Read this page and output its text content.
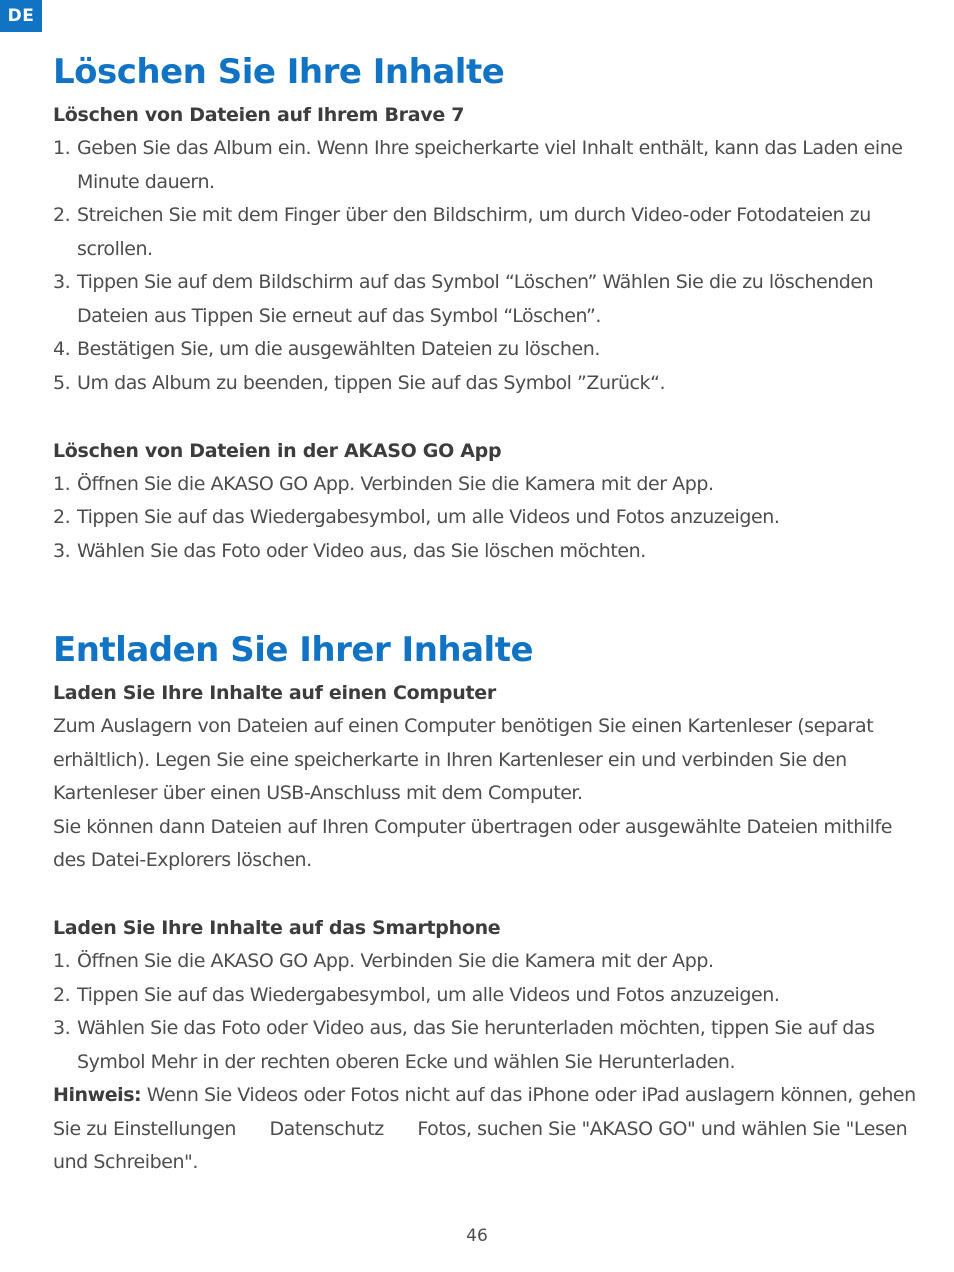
DE
Löschen Sie Ihre Inhalte
Löschen von Dateien auf Ihrem Brave 7
1. Geben Sie das Album ein. Wenn Ihre speicherkarte viel Inhalt enthält, kann das Laden eine Minute dauern.
2. Streichen Sie mit dem Finger über den Bildschirm, um durch Video-oder Fotodateien zu scrollen.
3. Tippen Sie auf dem Bildschirm auf das Symbol “Löschen” Wählen Sie die zu löschenden Dateien aus Tippen Sie erneut auf das Symbol “Löschen”.
4. Bestätigen Sie, um die ausgewählten Dateien zu löschen.
5. Um das Album zu beenden, tippen Sie auf das Symbol ”Zurück“.
Löschen von Dateien in der AKASO GO App
1. Öffnen Sie die AKASO GO App. Verbinden Sie die Kamera mit der App.
2. Tippen Sie auf das Wiedergabesymbol, um alle Videos und Fotos anzuzeigen.
3. Wählen Sie das Foto oder Video aus, das Sie löschen möchten.
Entladen Sie Ihrer Inhalte
Laden Sie Ihre Inhalte auf einen Computer

Zum Auslagern von Dateien auf einen Computer benötigen Sie einen Kartenleser (separat erhältlich). Legen Sie eine speicherkarte in Ihren Kartenleser ein und verbinden Sie den Kartenleser über einen USB-Anschluss mit dem Computer.

Sie können dann Dateien auf Ihren Computer übertragen oder ausgewählte Dateien mithilfe des Datei-Explorers löschen.

Laden Sie Ihre Inhalte auf das Smartphone
1. Öffnen Sie die AKASO GO App. Verbinden Sie die Kamera mit der App.
2. Tippen Sie auf das Wiedergabesymbol, um alle Videos und Fotos anzuzeigen.
3. Wählen Sie das Foto oder Video aus, das Sie herunterladen möchten, tippen Sie auf das Symbol Mehr in der rechten oberen Ecke und wählen Sie Herunterladen.

Hinweis: Wenn Sie Videos oder Fotos nicht auf das iPhone oder iPad auslagern können, gehen Sie zu Einstellungen      Datenschutz      Fotos, suchen Sie "AKASO GO" und wählen Sie "Lesen und Schreiben".

46
